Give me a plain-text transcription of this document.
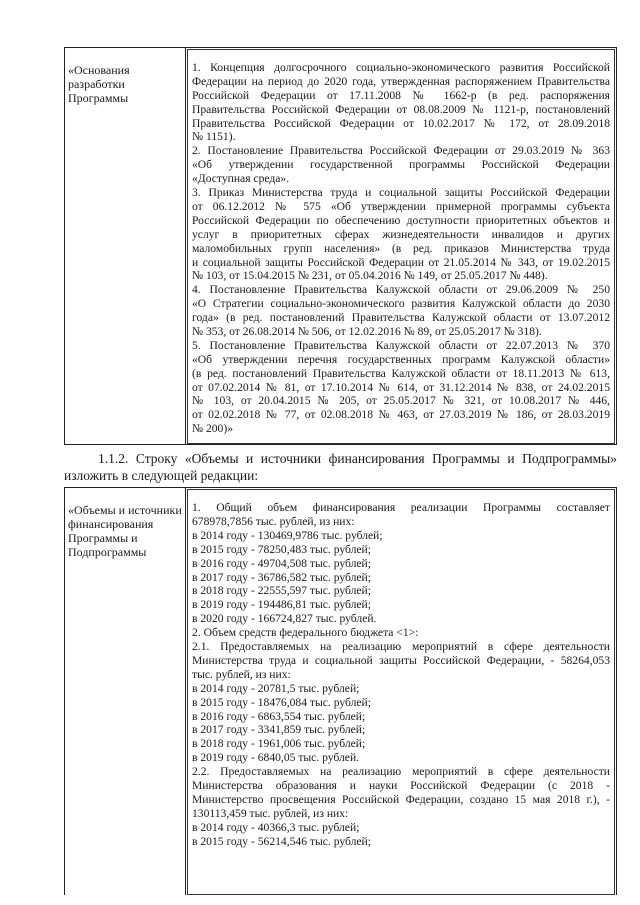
«Основания разработки Программы
1. Концепция долгосрочного социально-экономического развития Российской
Федерации на период до 2020 года, утвержденная распоряжением Правительства
Российской Федерации от 17.11.2008 № 1662-р (в ред. распоряжения
Правительства Российской Федерации от 08.08.2009 № 1121-р, постановлений
Правительства Российской Федерации от 10.02.2017 № 172, от 28.09.2018
№ 1151).
2. Постановление Правительства Российской Федерации от 29.03.2019 № 363
«Об утверждении государственной программы Российской Федерации
«Доступная среда».
3. Приказ Министерства труда и социальной защиты Российской Федерации
от 06.12.2012 № 575 «Об утверждении примерной программы субъекта
Российской Федерации по обеспечению доступности приоритетных объектов и
услуг в приоритетных сферах жизнедеятельности инвалидов и других
маломобильных групп населения» (в ред. приказов Министерства труда
и социальной защиты Российской Федерации от 21.05.2014 № 343, от 19.02.2015
№ 103, от 15.04.2015 № 231, от 05.04.2016 № 149, от 25.05.2017 № 448).
4. Постановление Правительства Калужской области от 29.06.2009 № 250
«О Стратегии социально-экономического развития Калужской области до 2030
года» (в ред. постановлений Правительства Калужской области от 13.07.2012
№ 353, от 26.08.2014 № 506, от 12.02.2016 № 89, от 25.05.2017 № 318).
5. Постановление Правительства Калужской области от 22.07.2013 № 370
«Об утверждении перечня государственных программ Калужской области»
(в ред. постановлений Правительства Калужской области от 18.11.2013 № 613,
от 07.02.2014 № 81, от 17.10.2014 № 614, от 31.12.2014 № 838, от 24.02.2015
№ 103, от 20.04.2015 № 205, от 25.05.2017 № 321, от 10.08.2017 № 446,
от 02.02.2018 № 77, от 02.08.2018 № 463, от 27.03.2019 № 186, от 28.03.2019
№ 200)»
1.1.2. Строку «Объемы и источники финансирования Программы и Подпрограммы»
изложить в следующей редакции:
«Объемы и источники финансирования Программы и Подпрограммы
1. Общий объем финансирования реализации Программы составляет
678978,7856 тыс. рублей, из них:
в 2014 году - 130469,9786 тыс. рублей;
в 2015 году - 78250,483 тыс. рублей;
в 2016 году - 49704,508 тыс. рублей;
в 2017 году - 36786,582 тыс. рублей;
в 2018 году - 22555,597 тыс. рублей;
в 2019 году - 194486,81 тыс. рублей;
в 2020 году - 166724,827 тыс. рублей.
2. Объем средств федерального бюджета <1>:
2.1. Предоставляемых на реализацию мероприятий в сфере деятельности
Министерства труда и социальной защиты Российской Федерации, - 58264,053
тыс. рублей, из них:
в 2014 году - 20781,5 тыс. рублей;
в 2015 году - 18476,084 тыс. рублей;
в 2016 году - 6863,554 тыс. рублей;
в 2017 году - 3341,859 тыс. рублей;
в 2018 году - 1961,006 тыс. рублей;
в 2019 году - 6840,05 тыс. рублей.
2.2. Предоставляемых на реализацию мероприятий в сфере деятельности
Министерства образования и науки Российской Федерации (с 2018 -
Министерство просвещения Российской Федерации, создано 15 мая 2018 г.), -
130113,459 тыс. рублей, из них:
в 2014 году - 40366,3 тыс. рублей;
в 2015 году - 56214,546 тыс. рублей;
